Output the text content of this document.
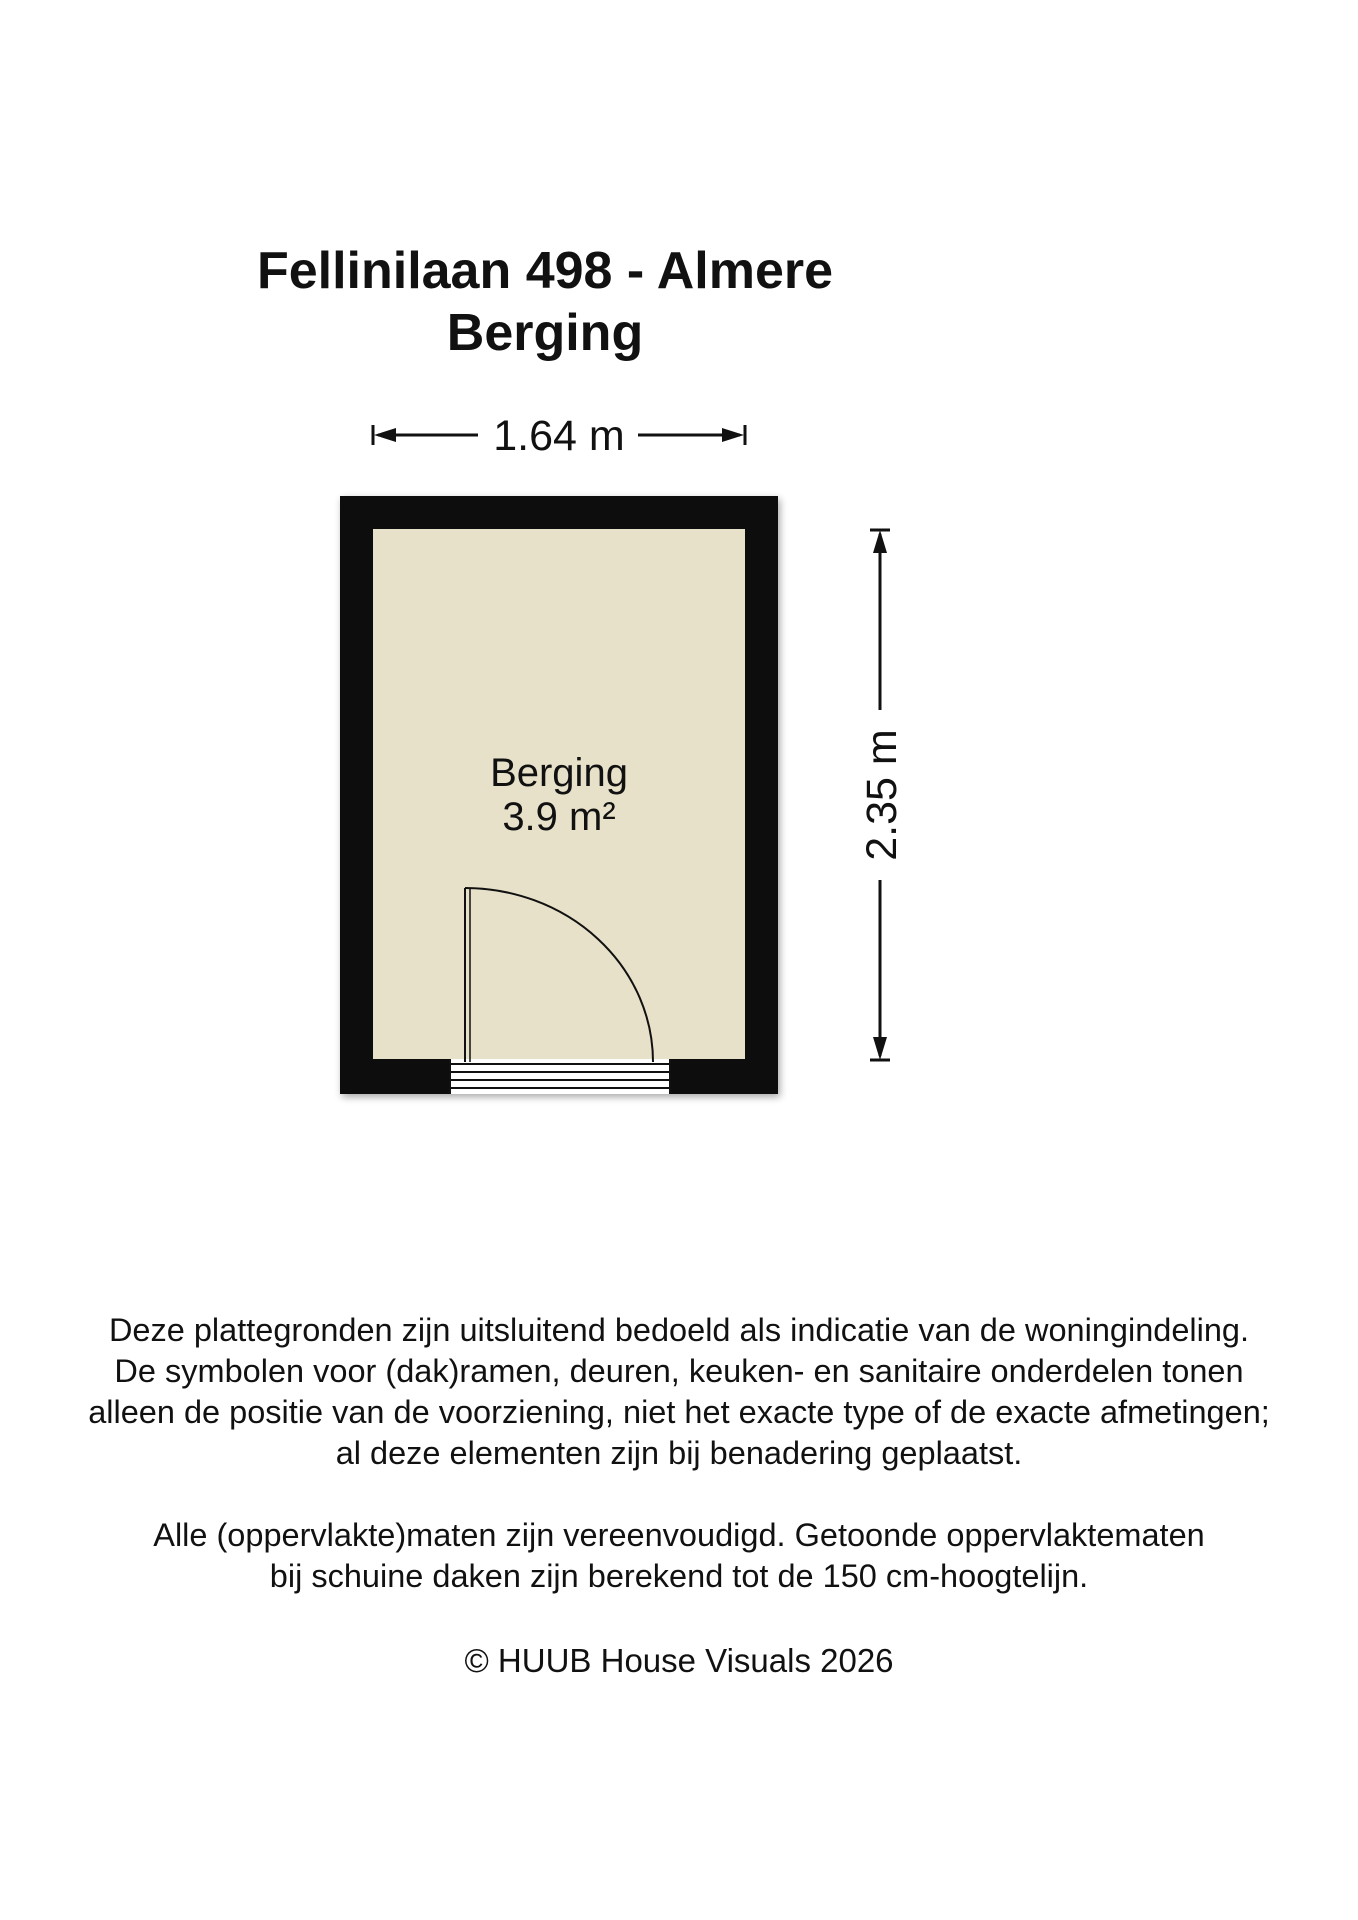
Fellinilaan 498 - Almere
Berging
1.64 m
2.35 m
Berging
3.9 m²

Deze plattegronden zijn uitsluitend bedoeld als indicatie van de woningindeling.

De symbolen voor (dak)ramen, deuren, keuken- en sanitaire onderdelen tonen

alleen de positie van de voorziening, niet het exacte type of de exacte afmetingen;

al deze elementen zijn bij benadering geplaatst.

Alle (oppervlakte)maten zijn vereenvoudigd. Getoonde oppervlaktematen

bij schuine daken zijn berekend tot de 150 cm-hoogtelijn.

© HUUB House Visuals 2026
